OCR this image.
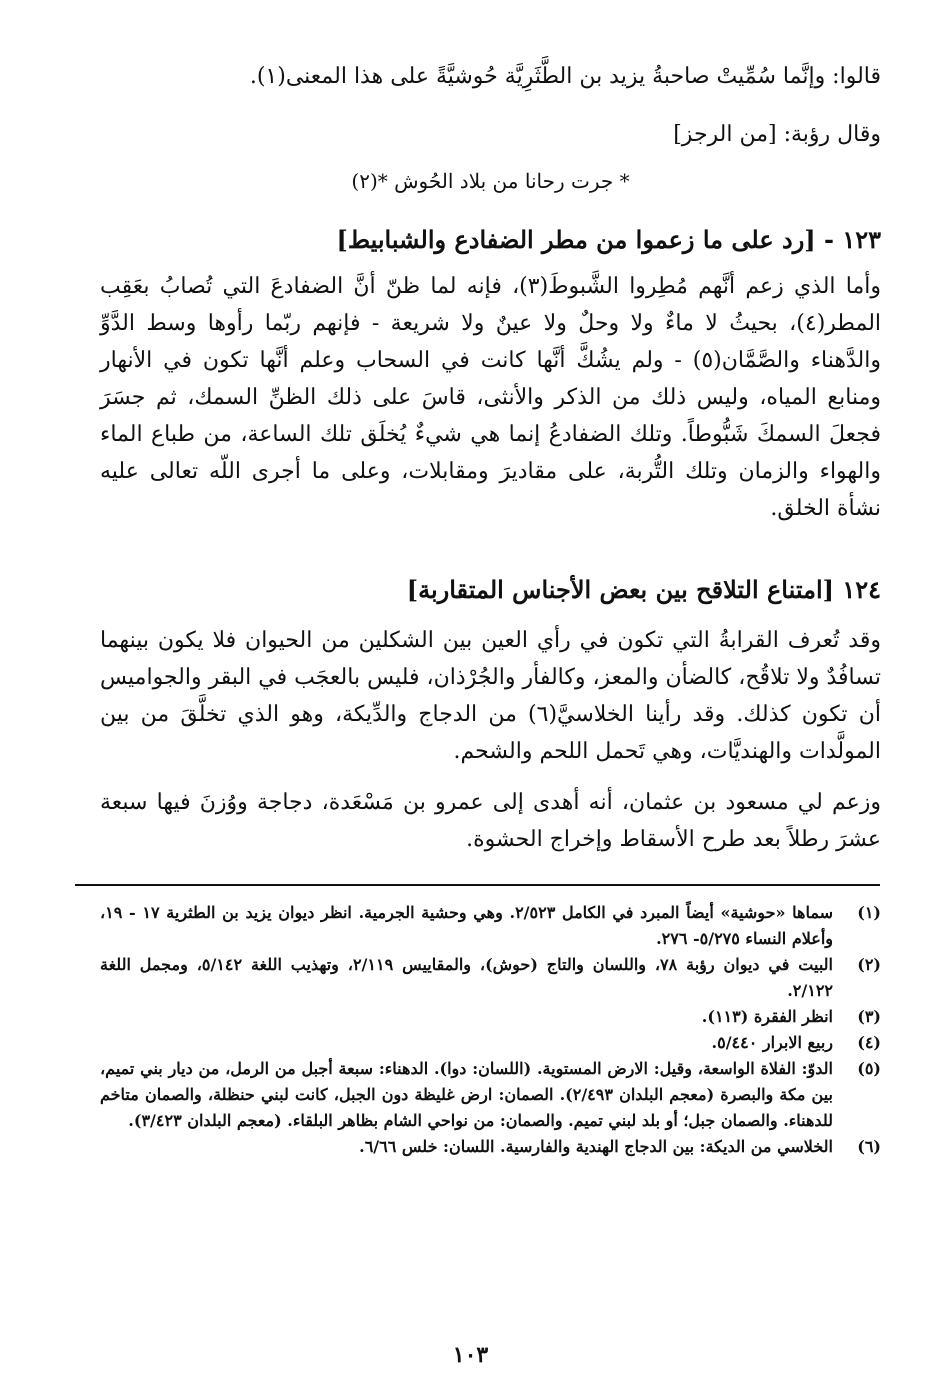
قالوا: وإنَّما سُمِّيتْ صاحبةُ يزيد بن الطَّثَرِيَّة حُوشيَّةً على هذا المعنى(١).

وقال رؤبة: [من الرجز]

* جرت رحانا من بلاد الحُوش *(٢)

١٢٣ - [رد على ما زعموا من مطر الضفادع والشبابيط]

وأما الذي زعم أنَّهم مُطِروا الشَّبوطَ(٣)، فإنه لما ظنّ أنَّ الضفادعَ التي تُصابُ بعَقِب المطر(٤)، بحيثُ لا ماءٌ ولا وحلٌ ولا عينٌ ولا شريعة - فإنهم ربّما رأوها وسط الدَّوِّ والدَّهناء والصَّمَّان(٥) - ولم يشُكَّ أنَّها كانت في السحاب وعلم أنَّها تكون في الأنهار ومنابع المياه، وليس ذلك من الذكر والأنثى، قاسَ على ذلك الظنِّ السمك، ثم جسَرَ فجعلَ السمكَ شَبُّوطاً. وتلك الضفادعُ إنما هي شيءٌ يُخلَق تلك الساعة، من طباع الماء والهواء والزمان وتلك التُّربة، على مقاديرَ ومقابلات، وعلى ما أجرى اللّه تعالى عليه نشأة الخلق.

١٢٤ [امتناع التلاقح بين بعض الأجناس المتقاربة]

وقد تُعرف القرابةُ التي تكون في رأي العين بين الشكلين من الحيوان فلا يكون بينهما تسافُدٌ ولا تلاقُح، كالضأن والمعز، وكالفأر والجُرْذان، فليس بالعجَب في البقر والجواميس أن تكون كذلك. وقد رأينا الخلاسيَّ(٦) من الدجاج والدِّيكة، وهو الذي تخلَّقَ من بين المولَّدات والهنديَّات، وهي تَحمل اللحم والشحم.

وزعم لي مسعود بن عثمان، أنه أهدى إلى عمرو بن مَسْعَدة، دجاجة ووُزنَ فيها سبعة عشرَ رطلاً بعد طرح الأسقاط وإخراج الحشوة.

(١)
سماها «حوشية» أيضاً المبرد في الكامل ٢/٥٢٣. وهي وحشية الجرمية. انظر ديوان يزيد بن الطثرية ١٧ - ١٩، وأعلام النساء ٥/٢٧٥- ٢٧٦.
(٢)
البيت في ديوان رؤبة ٧٨، واللسان والتاج (حوش)، والمقاييس ٢/١١٩، وتهذيب اللغة ٥/١٤٢، ومجمل اللغة ٢/١٢٢.
(٣)
انظر الفقرة (١١٣).
(٤)
ربيع الابرار ٥/٤٤٠.
(٥)
الدوّ: الفلاة الواسعة، وقيل: الارض المستوية. (اللسان: دوا). الدهناء: سبعة أجبل من الرمل، من ديار بني تميم، بين مكة والبصرة (معجم البلدان ٢/٤٩٣). الصمان: ارض غليظة دون الجبل، كانت لبني حنظلة، والصمان متاخم للدهناء. والصمان جبل؛ أو بلد لبني تميم. والصمان: من نواحي الشام بظاهر البلقاء. (معجم البلدان ٣/٤٢٣).
(٦)
الخلاسي من الديكة: بين الدجاج الهندية والفارسية. اللسان: خلس ٦/٦٦.
١٠٣
